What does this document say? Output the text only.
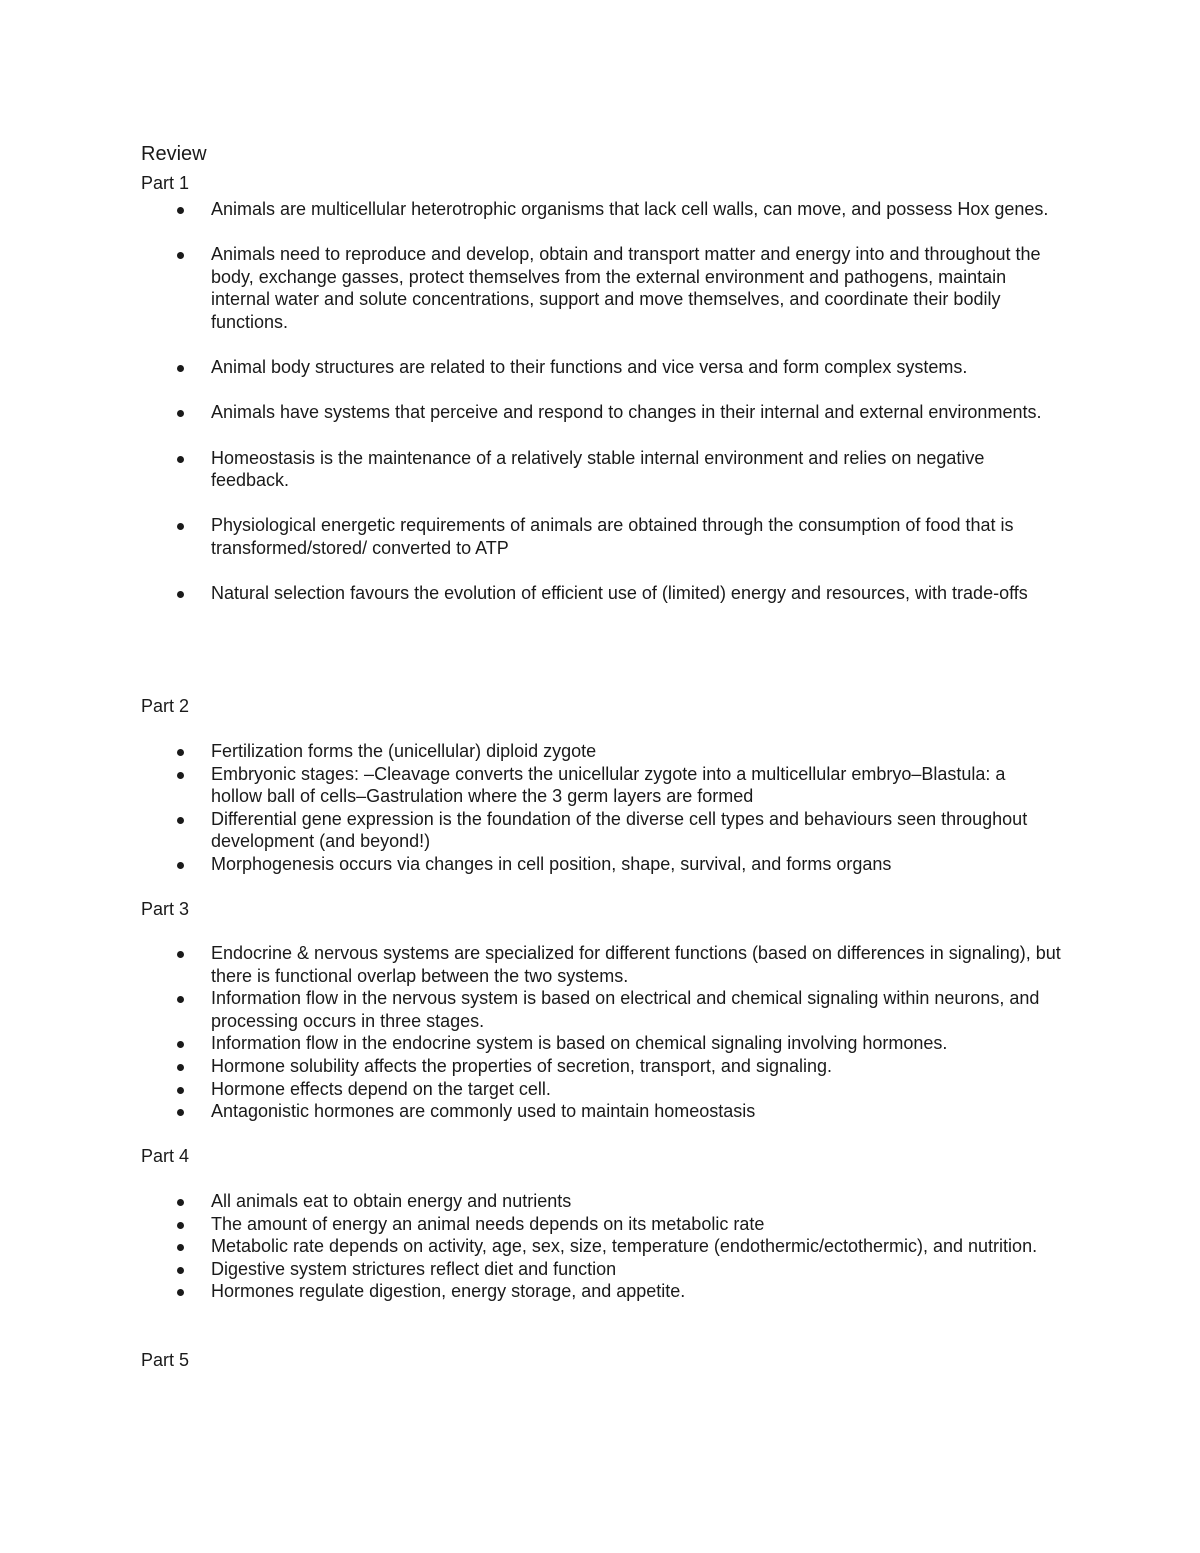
Review
Part 1
Animals are multicellular heterotrophic organisms that lack cell walls, can move, and possess Hox genes.
Animals need to reproduce and develop, obtain and transport matter and energy into and throughout the body, exchange gasses, protect themselves from the external environment and pathogens, maintain internal water and solute concentrations, support and move themselves, and coordinate their bodily functions.
Animal body structures are related to their functions and vice versa and form complex systems.
Animals have systems that perceive and respond to changes in their internal and external environments.
Homeostasis is the maintenance of a relatively stable internal environment and relies on negative feedback.
Physiological energetic requirements of animals are obtained through the consumption of food that is transformed/stored/ converted to ATP
Natural selection favours the evolution of efficient use of (limited) energy and resources, with trade-offs
Part 2
Fertilization forms the (unicellular) diploid zygote
Embryonic stages: –Cleavage converts the unicellular zygote into a multicellular embryo–Blastula: a hollow ball of cells–Gastrulation where the 3 germ layers are formed
Differential gene expression is the foundation of the diverse cell types and behaviours seen throughout development (and beyond!)
Morphogenesis occurs via changes in cell position, shape, survival, and forms organs
Part 3
Endocrine & nervous systems are specialized for different functions (based on differences in signaling), but there is functional overlap between the two systems.
Information flow in the nervous system is based on electrical and chemical signaling within neurons, and processing occurs in three stages.
Information flow in the endocrine system is based on chemical signaling involving hormones.
Hormone solubility affects the properties of secretion, transport, and signaling.
Hormone effects depend on the target cell.
Antagonistic hormones are commonly used to maintain homeostasis
Part 4
All animals eat to obtain energy and nutrients
The amount of energy an animal needs depends on its metabolic rate
Metabolic rate depends on activity, age, sex, size, temperature (endothermic/ectothermic), and nutrition.
Digestive system strictures reflect diet and function
Hormones regulate digestion, energy storage, and appetite.
Part 5
